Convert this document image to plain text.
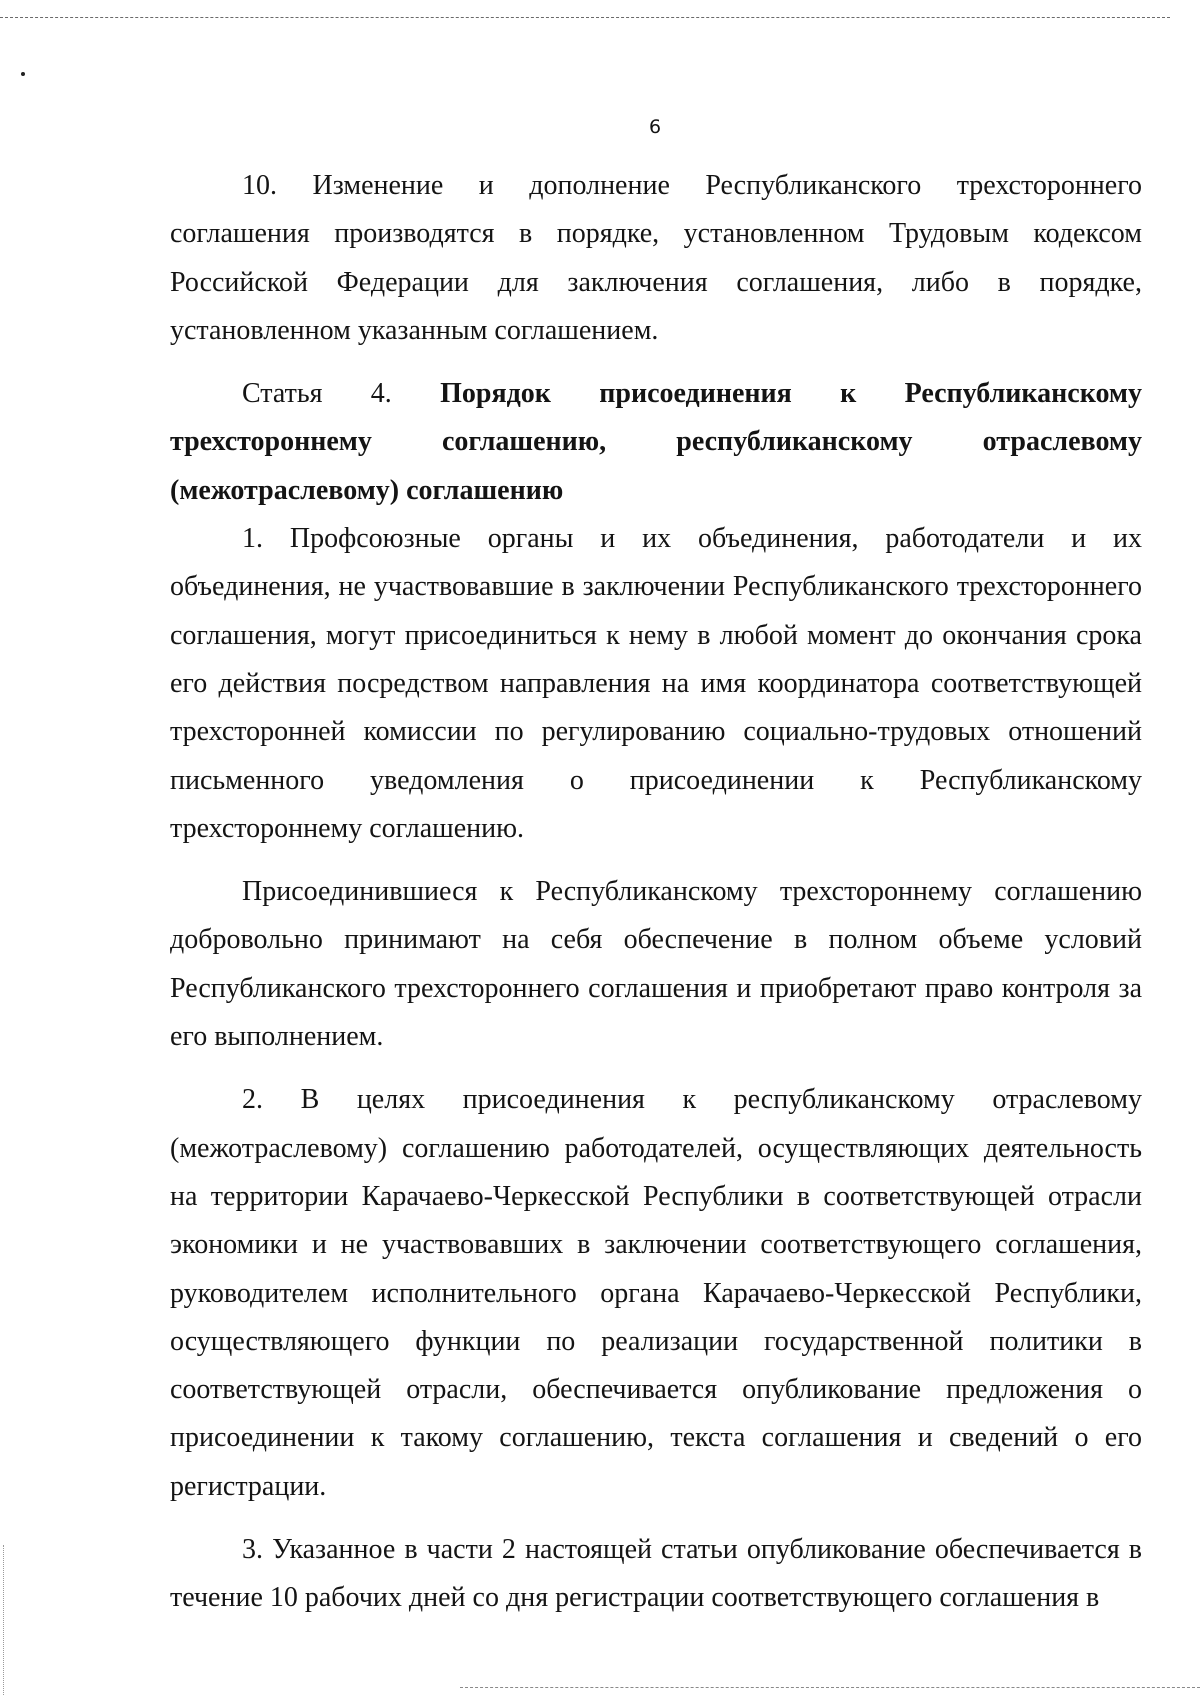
6

10. Изменение и дополнение Республиканского трехстороннего соглашения производятся в порядке, установленном Трудовым кодексом Российской Федерации для заключения соглашения, либо в порядке, установленном указанным соглашением.

Статья 4. Порядок присоединения к Республиканскому трехстороннему соглашению, республиканскому отраслевому (межотраслевому) соглашению

1. Профсоюзные органы и их объединения, работодатели и их объединения, не участвовавшие в заключении Республиканского трехстороннего соглашения, могут присоединиться к нему в любой момент до окончания срока его действия посредством направления на имя координатора соответствующей трехсторонней комиссии по регулированию социально-трудовых отношений письменного уведомления о присоединении к Республиканскому трехстороннему соглашению.

Присоединившиеся к Республиканскому трехстороннему соглашению добровольно принимают на себя обеспечение в полном объеме условий Республиканского трехстороннего соглашения и приобретают право контроля за его выполнением.

2. В целях присоединения к республиканскому отраслевому (межотраслевому) соглашению работодателей, осуществляющих деятельность на территории Карачаево-Черкесской Республики в соответствующей отрасли экономики и не участвовавших в заключении соответствующего соглашения, руководителем исполнительного органа Карачаево-Черкесской Республики, осуществляющего функции по реализации государственной политики в соответствующей отрасли, обеспечивается опубликование предложения о присоединении к такому соглашению, текста соглашения и сведений о его регистрации.

3. Указанное в части 2 настоящей статьи опубликование обеспечивается в течение 10 рабочих дней со дня регистрации соответствующего соглашения в
